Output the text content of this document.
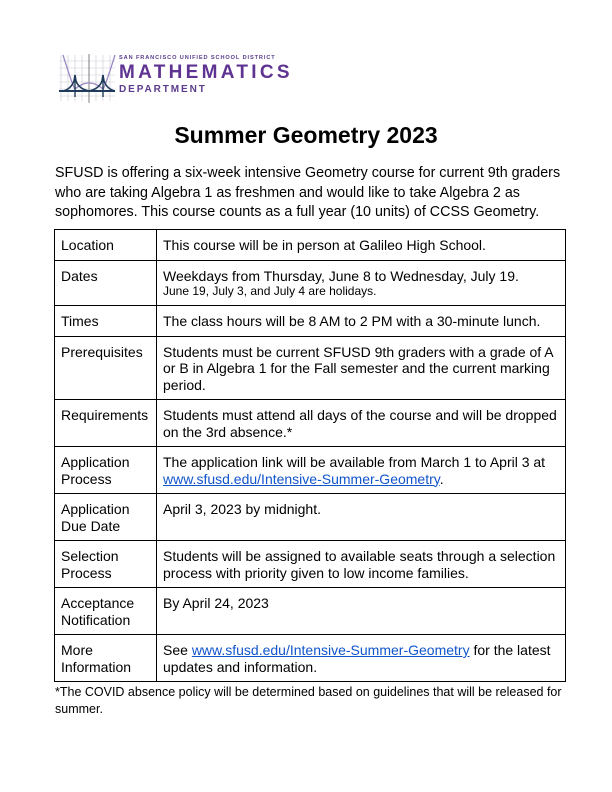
SAN FRANCISCO UNIFIED SCHOOL DISTRICT
MATHEMATICS
DEPARTMENT
Summer Geometry 2023

SFUSD is offering a six-week intensive Geometry course for current 9th graders who are taking Algebra 1 as freshmen and would like to take Algebra 2 as sophomores. This course counts as a full year (10 units) of CCSS Geometry.

Location	This course will be in person at Galileo High School.
Dates	Weekdays from Thursday, June 8 to Wednesday, July 19.
June 19, July 3, and July 4 are holidays.

Times	The class hours will be 8 AM to 2 PM with a 30-minute lunch.
Prerequisites	Students must be current SFUSD 9th graders with a grade of A or B in Algebra 1 for the Fall semester and the current marking period.
Requirements	Students must attend all days of the course and will be dropped on the 3rd absence.*
Application Process	The application link will be available from March 1 to April 3 at www.sfusd.edu/Intensive-Summer-Geometry.
Application Due Date	April 3, 2023 by midnight.
Selection Process	Students will be assigned to available seats through a selection process with priority given to low income families.
Acceptance Notification	By April 24, 2023
More Information	See www.sfusd.edu/Intensive-Summer-Geometry for the latest updates and information.

*The COVID absence policy will be determined based on guidelines that will be released for summer.
